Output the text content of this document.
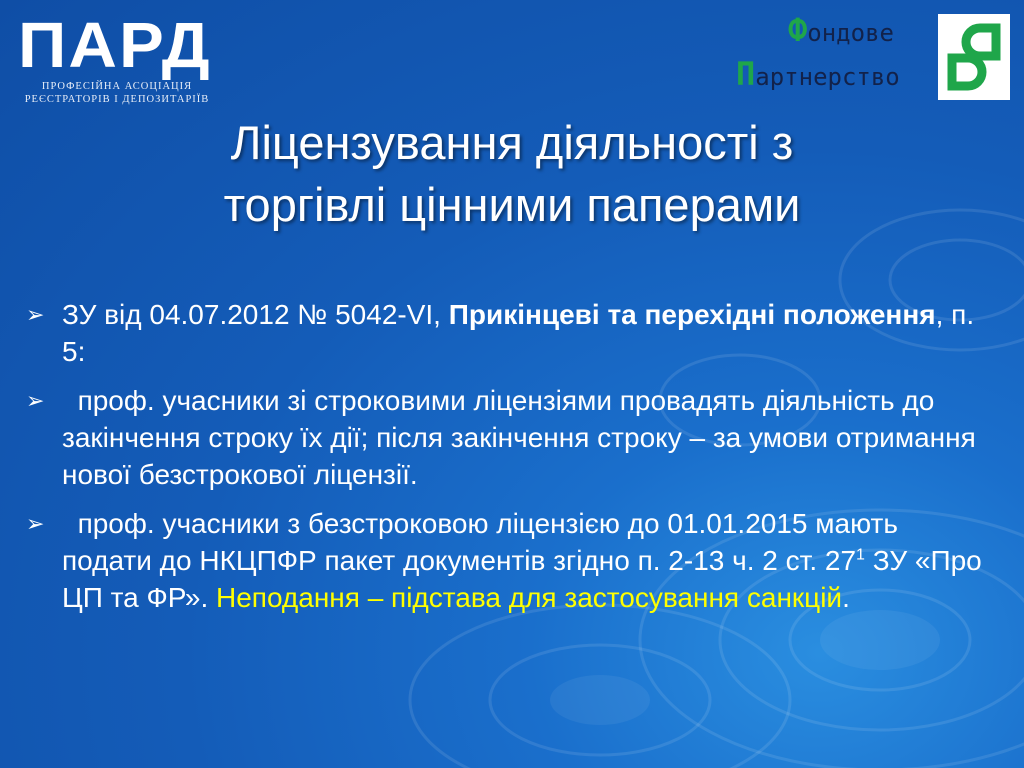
ПАРД
ПРОФЕСІЙНА АСОЦІАЦІЯ
РЕЄСТРАТОРІВ І ДЕПОЗИТАРІЇВ
Фондове
Партнерство
Ліцензування діяльності з
торгівлі цінними паперами
➢ ЗУ від 04.07.2012 № 5042-VI, Прикінцеві та перехідні положення, п. 5:
➢ проф. учасники зі строковими ліцензіями провадять діяльність до закінчення строку їх дії; після закінчення строку – за умови отримання нової безстрокової ліцензії.
➢ проф. учасники з безстроковою ліцензією до 01.01.2015 мають подати до НКЦПФР пакет документів згідно п. 2-13 ч. 2 ст. $27^1$ ЗУ «Про ЦП та ФР». Неподання – підстава для застосування санкцій.
